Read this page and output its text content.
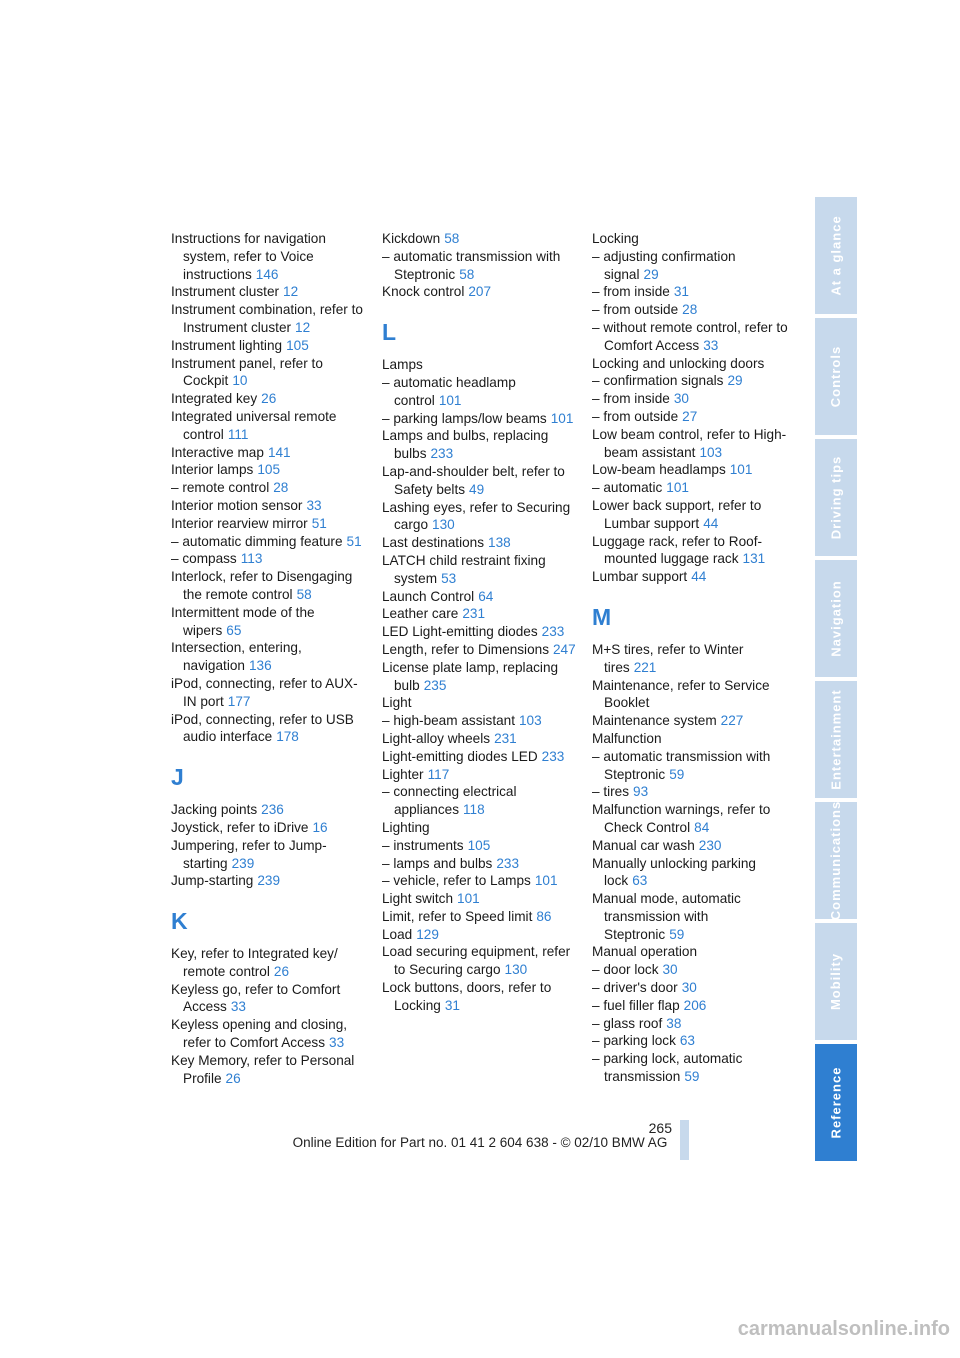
At a glance
Controls
Driving tips
Navigation
Entertainment
Communications
Mobility
Reference
Instructions for navigation system, refer to Voice instructions 146
Instrument cluster 12
Instrument combination, refer to Instrument cluster 12
Instrument lighting 105
Instrument panel, refer to Cockpit 10
Integrated key 26
Integrated universal remote control 111
Interactive map 141
Interior lamps 105
– remote control 28
Interior motion sensor 33
Interior rearview mirror 51
– automatic dimming feature 51
– compass 113
Interlock, refer to Disengaging the remote control 58
Intermittent mode of the wipers 65
Intersection, entering, navigation 136
iPod, connecting, refer to AUX-IN port 177
iPod, connecting, refer to USB audio interface 178
J
Jacking points 236
Joystick, refer to iDrive 16
Jumpering, refer to Jump-starting 239
Jump-starting 239
K
Key, refer to Integrated key/ remote control 26
Keyless go, refer to Comfort Access 33
Keyless opening and closing, refer to Comfort Access 33
Key Memory, refer to Personal Profile 26
Kickdown 58
– automatic transmission with Steptronic 58
Knock control 207
L
Lamps
– automatic headlamp control 101
– parking lamps/low beams 101
Lamps and bulbs, replacing bulbs 233
Lap-and-shoulder belt, refer to Safety belts 49
Lashing eyes, refer to Securing cargo 130
Last destinations 138
LATCH child restraint fixing system 53
Launch Control 64
Leather care 231
LED Light-emitting diodes 233
Length, refer to Dimensions 247
License plate lamp, replacing bulb 235
Light
– high-beam assistant 103
Light-alloy wheels 231
Light-emitting diodes LED 233
Lighter 117
– connecting electrical appliances 118
Lighting
– instruments 105
– lamps and bulbs 233
– vehicle, refer to Lamps 101
Light switch 101
Limit, refer to Speed limit 86
Load 129
Load securing equipment, refer to Securing cargo 130
Lock buttons, doors, refer to Locking 31
Locking
– adjusting confirmation signal 29
– from inside 31
– from outside 28
– without remote control, refer to Comfort Access 33
Locking and unlocking doors
– confirmation signals 29
– from inside 30
– from outside 27
Low beam control, refer to High-beam assistant 103
Low-beam headlamps 101
– automatic 101
Lower back support, refer to Lumbar support 44
Luggage rack, refer to Roof-mounted luggage rack 131
Lumbar support 44
M
M+S tires, refer to Winter tires 221
Maintenance, refer to Service Booklet
Maintenance system 227
Malfunction
– automatic transmission with Steptronic 59
– tires 93
Malfunction warnings, refer to Check Control 84
Manual car wash 230
Manually unlocking parking lock 63
Manual mode, automatic transmission with Steptronic 59
Manual operation
– door lock 30
– driver's door 30
– fuel filler flap 206
– glass roof 38
– parking lock 63
– parking lock, automatic transmission 59
265
Online Edition for Part no. 01 41 2 604 638 - © 02/10 BMW AG
carmanualsonline.info
